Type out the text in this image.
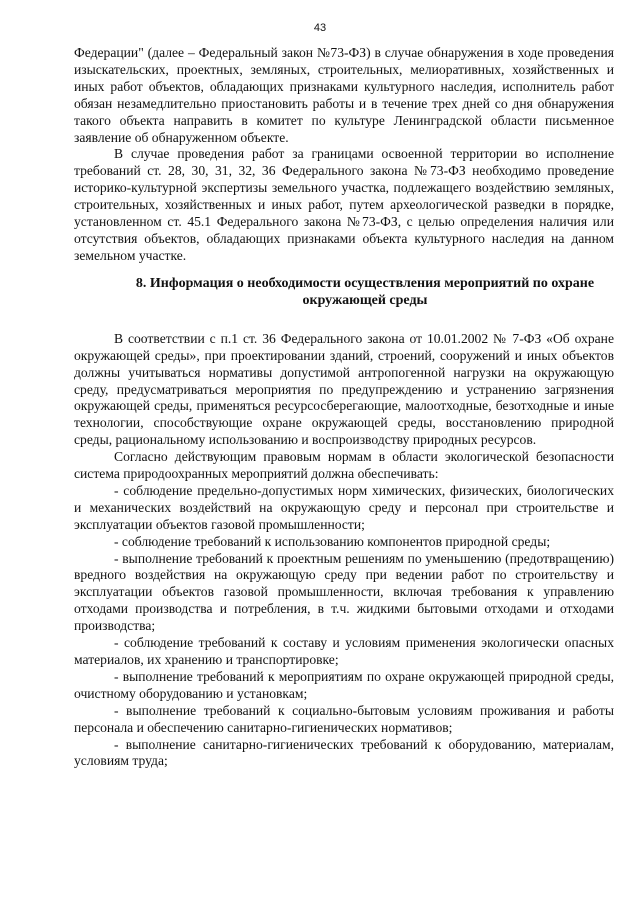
43

Федерации" (далее – Федеральный закон №73-ФЗ) в случае обнаружения в ходе проведения изыскательских, проектных, земляных, строительных, мелиоративных, хозяйственных и иных работ объектов, обладающих признаками культурного наследия, исполнитель работ обязан незамедлительно приостановить работы и в течение трех дней со дня обнаружения такого объекта направить в комитет по культуре Ленинградской области письменное заявление об обнаруженном объекте.

В случае проведения работ за границами освоенной территории во исполнение требований ст. 28, 30, 31, 32, 36 Федерального закона №73-ФЗ необходимо проведение историко-культурной экспертизы земельного участка, подлежащего воздействию земляных, строительных, хозяйственных и иных работ, путем археологической разведки в порядке, установленном ст. 45.1 Федерального закона №73-ФЗ, с целью определения наличия или отсутствия объектов, обладающих признаками объекта культурного наследия на данном земельном участке.

8. Информация о необходимости осуществления мероприятий по охране окружающей среды

В соответствии с п.1 ст. 36 Федерального закона от 10.01.2002 № 7-ФЗ «Об охране окружающей среды», при проектировании зданий, строений, сооружений и иных объектов должны учитываться нормативы допустимой антропогенной нагрузки на окружающую среду, предусматриваться мероприятия по предупреждению и устранению загрязнения окружающей среды, применяться ресурсосберегающие, малоотходные, безотходные и иные технологии, способствующие охране окружающей среды, восстановлению природной среды, рациональному использованию и воспроизводству природных ресурсов.

Согласно действующим правовым нормам в области экологической безопасности система природоохранных мероприятий должна обеспечивать:

- соблюдение предельно-допустимых норм химических, физических, биологических и механических воздействий на окружающую среду и персонал при строительстве и эксплуатации объектов газовой промышленности;

- соблюдение требований к использованию компонентов природной среды;

- выполнение требований к проектным решениям по уменьшению (предотвращению) вредного воздействия на окружающую среду при ведении работ по строительству и эксплуатации объектов газовой промышленности, включая требования к управлению отходами производства и потребления, в т.ч. жидкими бытовыми отходами и отходами производства;

- соблюдение требований к составу и условиям применения экологически опасных материалов, их хранению и транспортировке;

- выполнение требований к мероприятиям по охране окружающей природной среды, очистному оборудованию и установкам;

- выполнение требований к социально-бытовым условиям проживания и работы персонала и обеспечению санитарно-гигиенических нормативов;

- выполнение санитарно-гигиенических требований к оборудованию, материалам, условиям труда;
